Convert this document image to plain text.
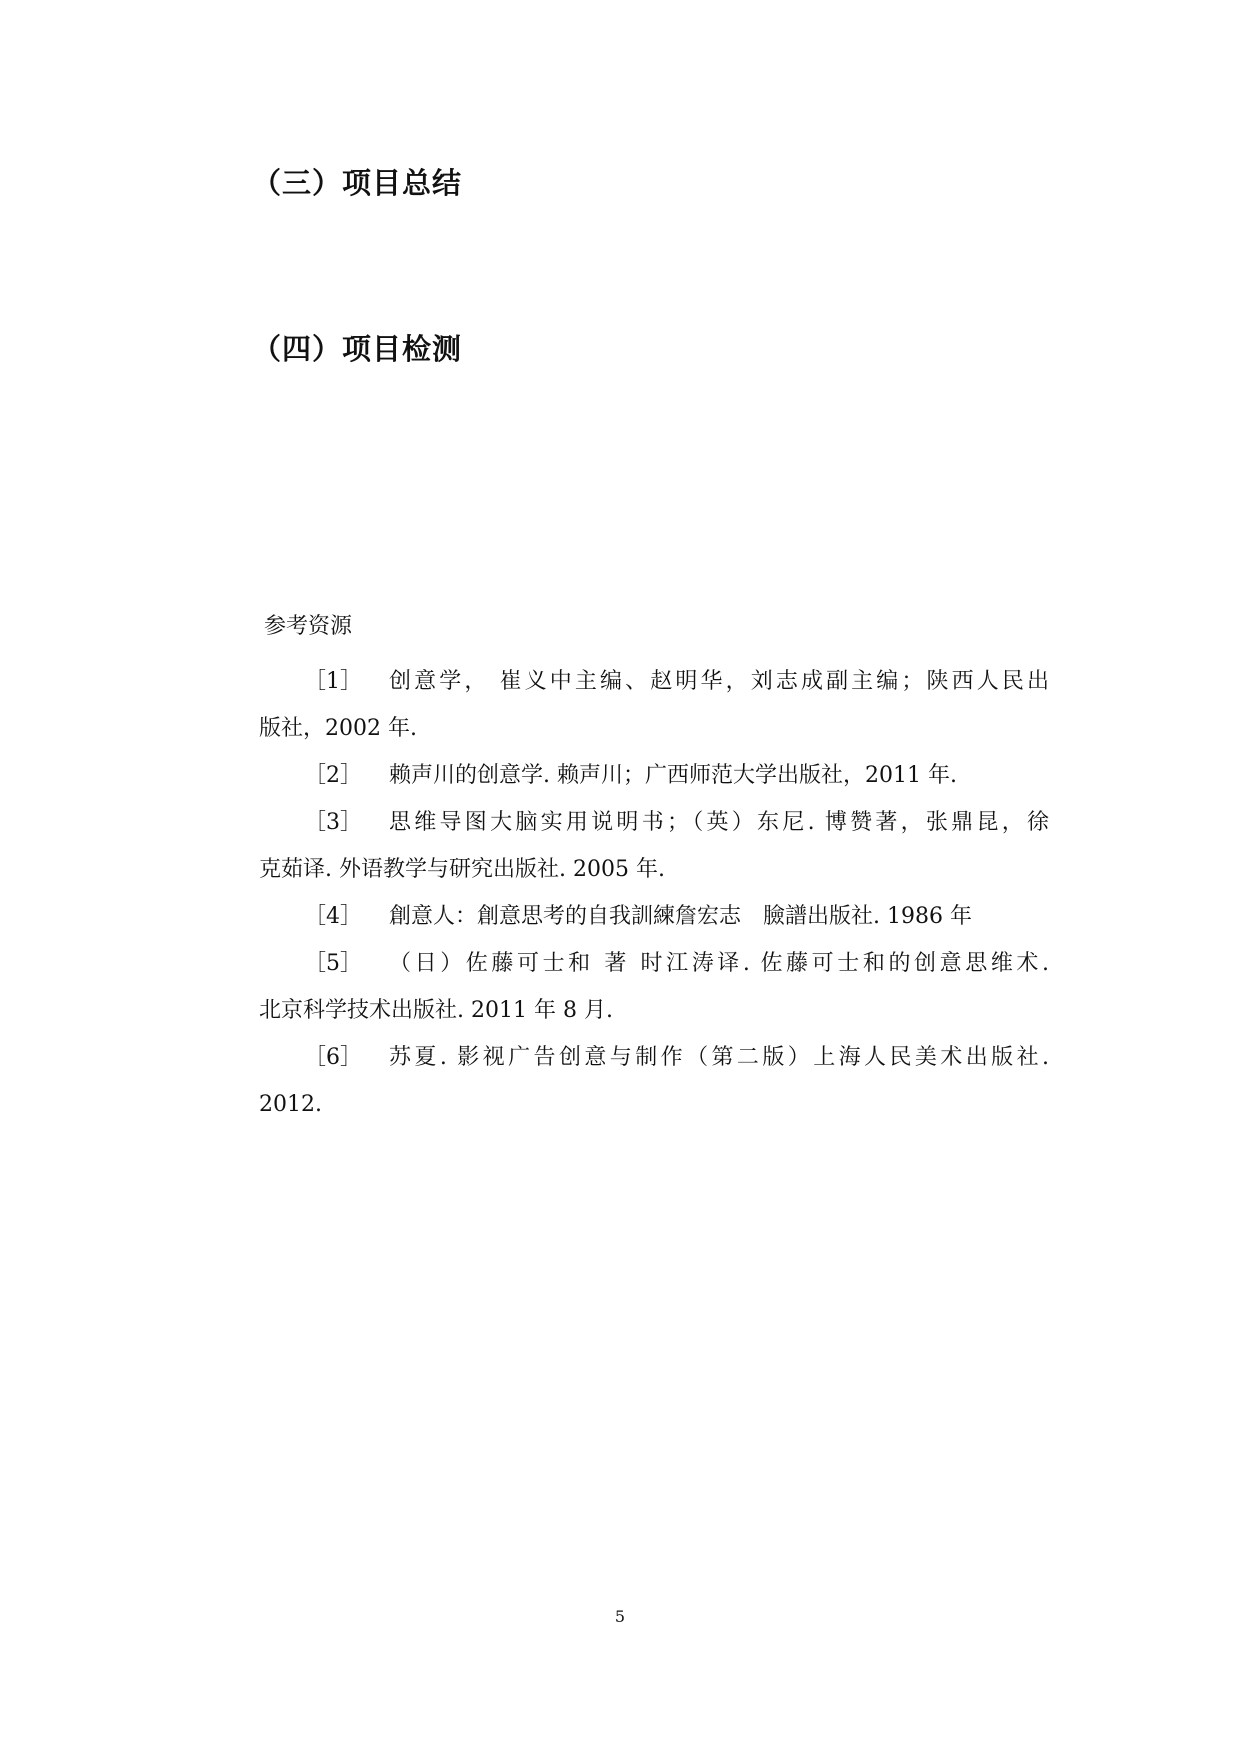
（三）项目总结
（四）项目检测
参考资源
［1］ 创意学， 崔义中主编、赵明华，刘志成副主编；陕西人民出
版社，2002 年.
［2］ 赖声川的创意学. 赖声川；广西师范大学出版社，2011 年.
［3］ 思维导图大脑实用说明书；（英）东尼. 博赞著，张鼎昆，徐
克茹译. 外语教学与研究出版社. 2005 年.
［4］ 創意人：創意思考的自我訓練詹宏志　臉譜出版社. 1986 年
［5］ （日）佐藤可士和 著 时江涛译. 佐藤可士和的创意思维术.
北京科学技术出版社. 2011 年 8 月.
［6］ 苏夏. 影视广告创意与制作（第二版）上海人民美术出版社.
2012.
5
